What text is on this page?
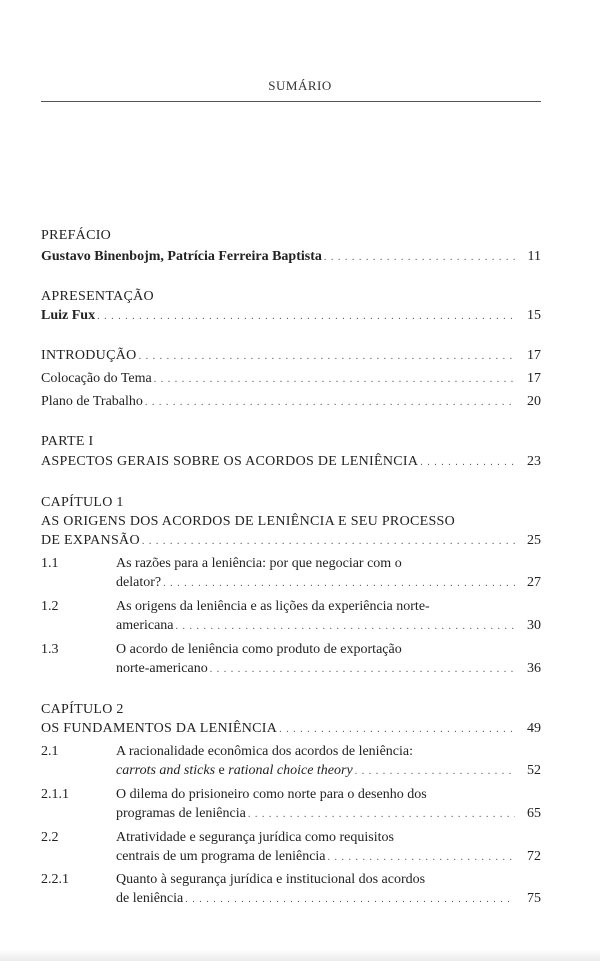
SUMÁRIO
PREFÁCIO
Gustavo Binenbojm, Patrícia Ferreira Baptista . . .	11
APRESENTAÇÃO
Luiz Fux . . .	15
INTRODUÇÃO . . .	17
Colocação do Tema . . .	17
Plano de Trabalho . . .	20
PARTE I
ASPECTOS GERAIS SOBRE OS ACORDOS DE LENIÊNCIA . . .	23
CAPÍTULO 1
AS ORIGENS DOS ACORDOS DE LENIÊNCIA E SEU PROCESSO
DE EXPANSÃO . . .	25
1.1	As razões para a leniência: por que negociar com o
delator? . . .	27
1.2	As origens da leniência e as lições da experiência norte-
americana . . .	30
1.3	O acordo de leniência como produto de exportação
norte-americano . . .	36
CAPÍTULO 2
OS FUNDAMENTOS DA LENIÊNCIA . . .	49
2.1	A racionalidade econômica dos acordos de leniência:
carrots and sticks e rational choice theory . . .	52
2.1.1	O dilema do prisioneiro como norte para o desenho dos
programas de leniência . . .	65
2.2	Atratividade e segurança jurídica como requisitos
centrais de um programa de leniência . . .	72
2.2.1	Quanto à segurança jurídica e institucional dos acordos
de leniência . . .	75
